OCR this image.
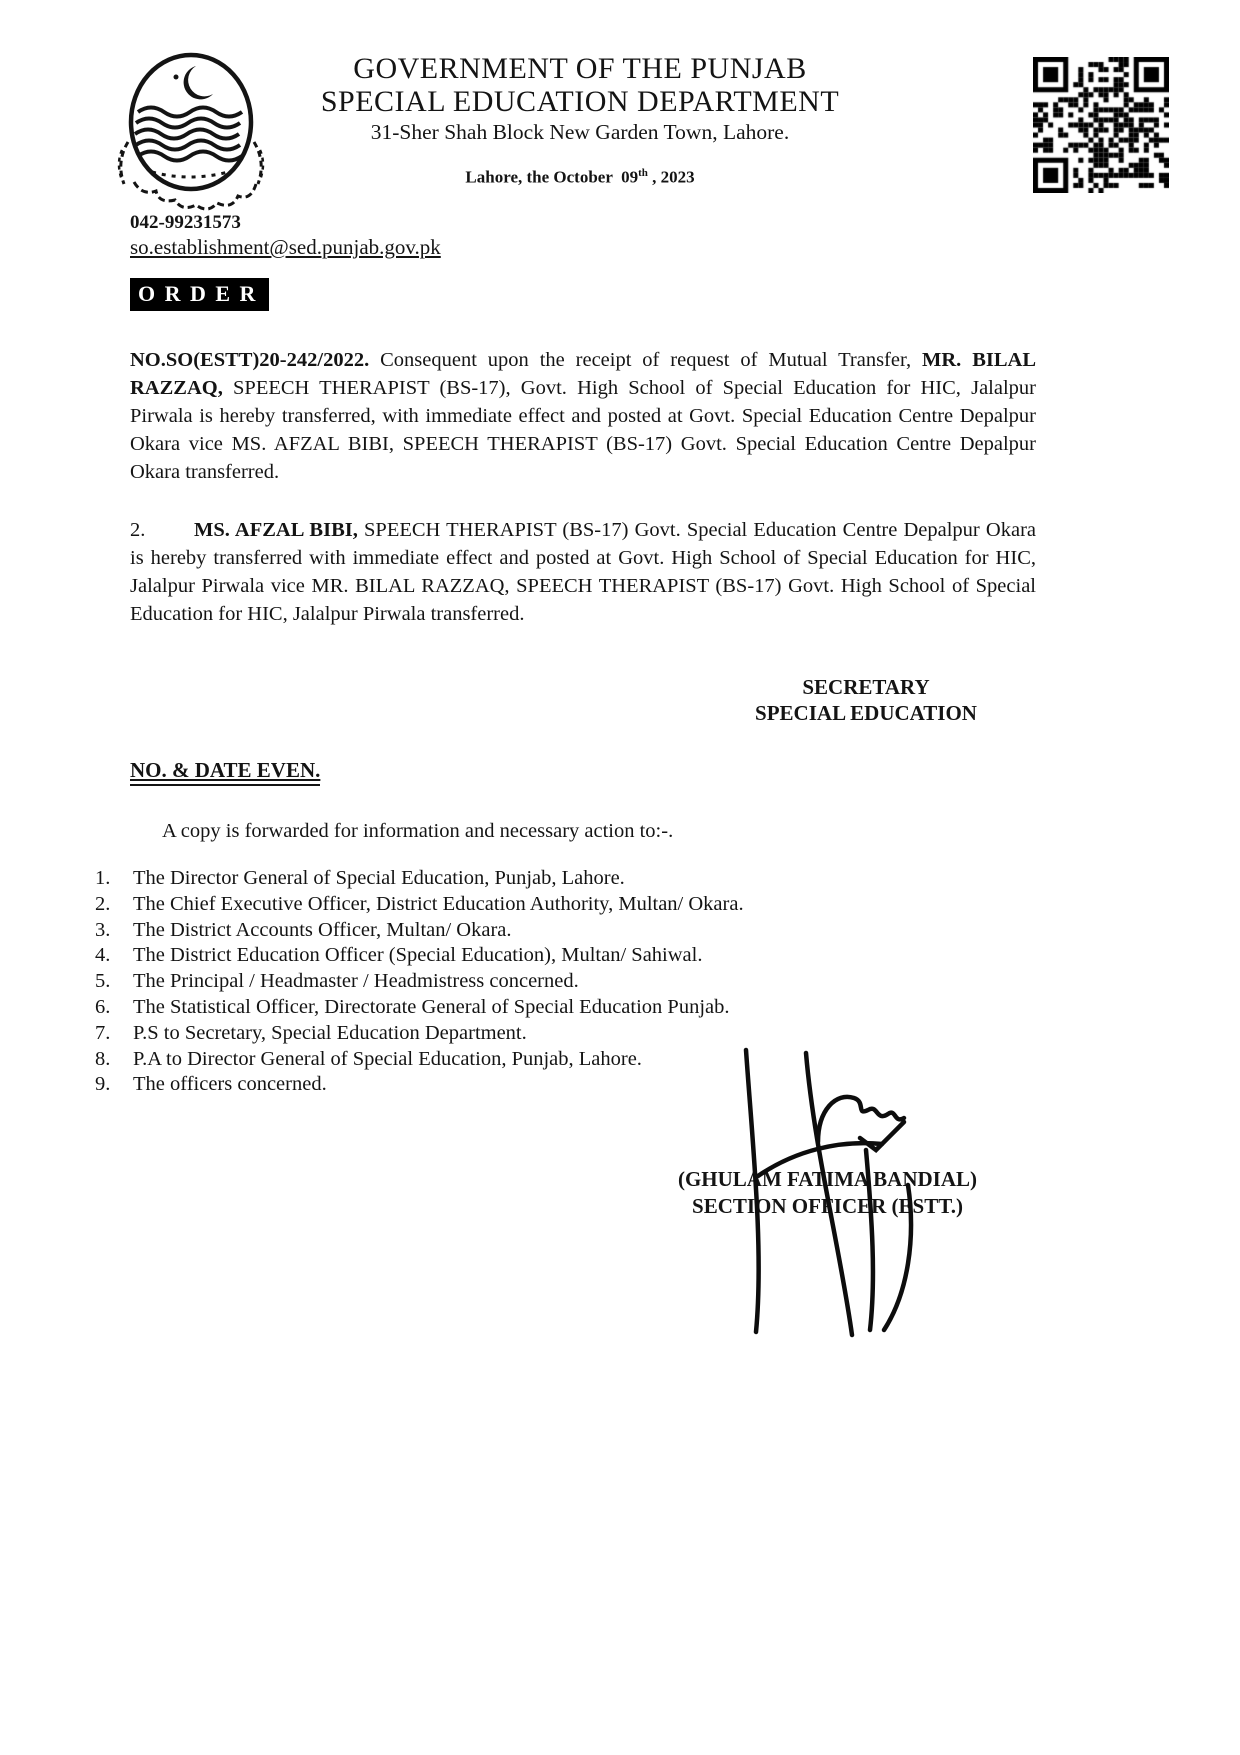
GOVERNMENT OF THE PUNJAB
SPECIAL EDUCATION DEPARTMENT
31-Sher Shah Block New Garden Town, Lahore.
Lahore, the October  09th , 2023
042-99231573
so.establishment@sed.punjab.gov.pk
O R D E R

NO.SO(ESTT)20-242/2022. Consequent upon the receipt of request of Mutual Transfer, MR. BILAL RAZZAQ, SPEECH THERAPIST (BS-17), Govt. High School of Special Education for HIC, Jalalpur Pirwala is hereby transferred, with immediate effect and posted at Govt. Special Education Centre Depalpur Okara vice MS. AFZAL BIBI, SPEECH THERAPIST (BS-17) Govt. Special Education Centre Depalpur Okara transferred.

2. MS. AFZAL BIBI, SPEECH THERAPIST (BS-17) Govt. Special Education Centre Depalpur Okara is hereby transferred with immediate effect and posted at Govt. High School of Special Education for HIC, Jalalpur Pirwala vice MR. BILAL RAZZAQ, SPEECH THERAPIST (BS-17) Govt. High School of Special Education for HIC, Jalalpur Pirwala transferred.

SECRETARY
SPECIAL EDUCATION
NO. & DATE EVEN.
A copy is forwarded for information and necessary action to:-.
The Director General of Special Education, Punjab, Lahore.
The Chief Executive Officer, District Education Authority, Multan/ Okara.
The District Accounts Officer, Multan/ Okara.
The District Education Officer (Special Education), Multan/ Sahiwal.
The Principal / Headmaster / Headmistress concerned.
The Statistical Officer, Directorate General of Special Education Punjab.
P.S to Secretary, Special Education Department.
P.A to Director General of Special Education, Punjab, Lahore.
The officers concerned.
(GHULAM FATIMA BANDIAL)
SECTION OFFICER (ESTT.)
